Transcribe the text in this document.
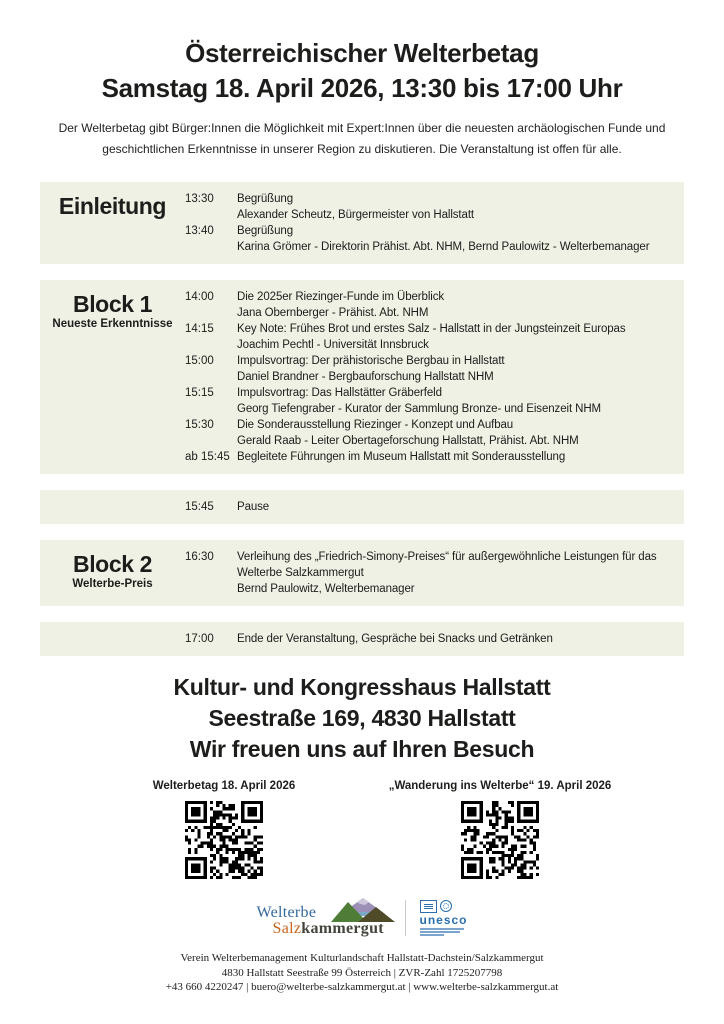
Österreichischer Welterbetag
Samstag 18. April 2026, 13:30 bis 17:00 Uhr

Der Welterbetag gibt Bürger:Innen die Möglichkeit mit Expert:Innen über die neuesten archäologischen Funde und
geschichtlichen Erkenntnisse in unserer Region zu diskutieren. Die Veranstaltung ist offen für alle.

Einleitung 13:30	Begrüßung
Alexander Scheutz, Bürgermeister von Hallstatt
13:40	Begrüßung
Karina Grömer - Direktorin Prähist. Abt. NHM, Bernd Paulowitz - Welterbemanager
Block 1
Neueste Erkenntnisse
14:00	Die 2025er Riezinger-Funde im Überblick
Jana Obernberger - Prähist. Abt. NHM
14:15	Key Note: Frühes Brot und erstes Salz - Hallstatt in der Jungsteinzeit Europas
Joachim Pechtl - Universität Innsbruck
15:00	Impulsvortrag: Der prähistorische Bergbau in Hallstatt
Daniel Brandner - Bergbauforschung Hallstatt NHM
15:15	Impulsvortrag: Das Hallstätter Gräberfeld
Georg Tiefengraber - Kurator der Sammlung Bronze- und Eisenzeit NHM
15:30	Die Sonderausstellung Riezinger - Konzept und Aufbau
Gerald Raab - Leiter Obertageforschung Hallstatt, Prähist. Abt. NHM
ab 15:45 Begleitete Führungen im Museum Hallstatt mit Sonderausstellung
15:45	Pause
Block 2
Welterbe-Preis
16:30	Verleihung des „Friedrich-Simony-Preises“ für außergewöhnliche Leistungen für das
Welterbe Salzkammergut
Bernd Paulowitz, Welterbemanager
17:00	Ende der Veranstaltung, Gespräche bei Snacks und Getränken
Kultur- und Kongresshaus Hallstatt
Seestraße 169, 4830 Hallstatt
Wir freuen uns auf Ihren Besuch
Welterbetag 18. April 2026	„Wanderung ins Welterbe“ 19. April 2026
Welterbe
Salzkammergut
unesco
Verein Welterbemanagement Kulturlandschaft Hallstatt-Dachstein/Salzkammergut
4830 Hallstatt Seestraße 99 Österreich | ZVR-Zahl 1725207798
+43 660 4220247 | buero@welterbe-salzkammergut.at | www.welterbe-salzkammergut.at
